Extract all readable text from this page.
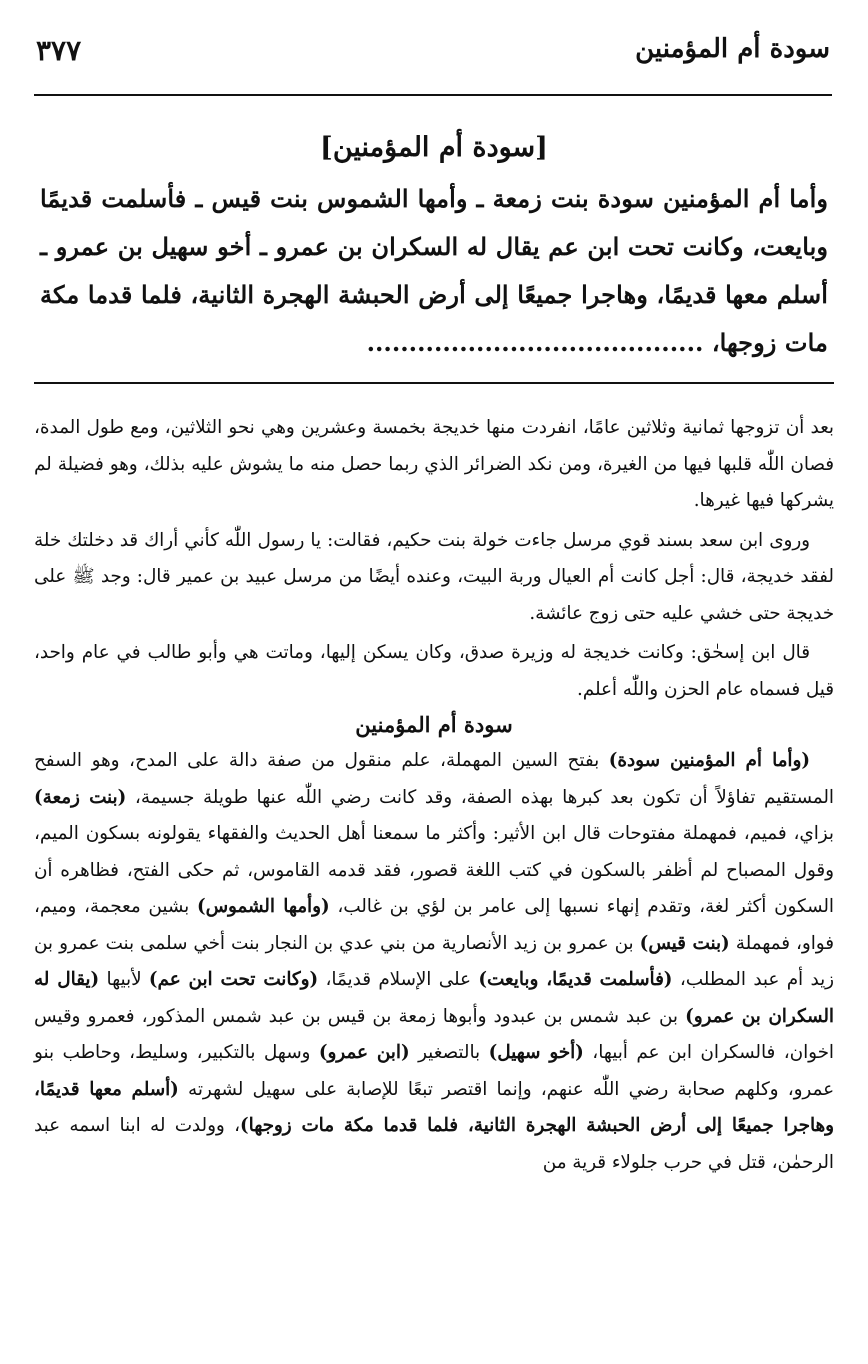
سودة أم المؤمنين
٣٧٧
[سودة أم المؤمنين]

وأما أم المؤمنين سودة بنت زمعة ـ وأمها الشموس بنت قيس ـ فأسلمت قديمًا وبايعت، وكانت تحت ابن عم يقال له السكران بن عمرو ـ أخو سهيل بن عمرو ـ أسلم معها قديمًا، وهاجرا جميعًا إلى أرض الحبشة الهجرة الثانية، فلما قدما مكة مات زوجها، ........................................

بعد أن تزوجها ثمانية وثلاثين عامًا، انفردت منها خديجة بخمسة وعشرين وهي نحو الثلاثين، ومع طول المدة، فصان اللّٰه قلبها فيها من الغيرة، ومن نكد الضرائر الذي ربما حصل منه ما يشوش عليه بذلك، وهو فضيلة لم يشركها فيها غيرها.

وروى ابن سعد بسند قوي مرسل جاءت خولة بنت حكيم، فقالت: يا رسول اللّٰه كأني أراك قد دخلتك خلة لفقد خديجة، قال: أجل كانت أم العيال وربة البيت، وعنده أيضًا من مرسل عبيد بن عمير قال: وجد ﷺ على خديجة حتى خشي عليه حتى زوج عائشة.

قال ابن إسحٰق: وكانت خديجة له وزيرة صدق، وكان يسكن إليها، وماتت هي وأبو طالب في عام واحد، قيل فسماه عام الحزن واللّٰه أعلم.

سودة أم المؤمنين

(وأما أم المؤمنين سودة) بفتح السين المهملة، علم منقول من صفة دالة على المدح، وهو السفح المستقيم تفاؤلاً أن تكون بعد كبرها بهذه الصفة، وقد كانت رضي اللّٰه عنها طويلة جسيمة، (بنت زمعة) بزاي، فميم، فمهملة مفتوحات قال ابن الأثير: وأكثر ما سمعنا أهل الحديث والفقهاء يقولونه بسكون الميم، وقول المصباح لم أظفر بالسكون في كتب اللغة قصور، فقد قدمه القاموس، ثم حكى الفتح، فظاهره أن السكون أكثر لغة، وتقدم إنهاء نسبها إلى عامر بن لؤي بن غالب، (وأمها الشموس) بشين معجمة، وميم، فواو، فمهملة (بنت قيس) بن عمرو بن زيد الأنصارية من بني عدي بن النجار بنت أخي سلمى بنت عمرو بن زيد أم عبد المطلب، (فأسلمت قديمًا، وبايعت) على الإسلام قديمًا، (وكانت تحت ابن عم) لأبيها (يقال له السكران بن عمرو) بن عبد شمس بن عبدود وأبوها زمعة بن قيس بن عبد شمس المذكور، فعمرو وقيس اخوان، فالسكران ابن عم أبيها، (أخو سهيل) بالتصغير (ابن عمرو) وسهل بالتكبير، وسليط، وحاطب بنو عمرو، وكلهم صحابة رضي اللّٰه عنهم، وإنما اقتصر تبعًا للإصابة على سهيل لشهرته (أسلم معها قديمًا، وهاجرا جميعًا إلى أرض الحبشة الهجرة الثانية، فلما قدما مكة مات زوجها)، وولدت له ابنا اسمه عبد الرحمٰن، قتل في حرب جلولاء قرية من
